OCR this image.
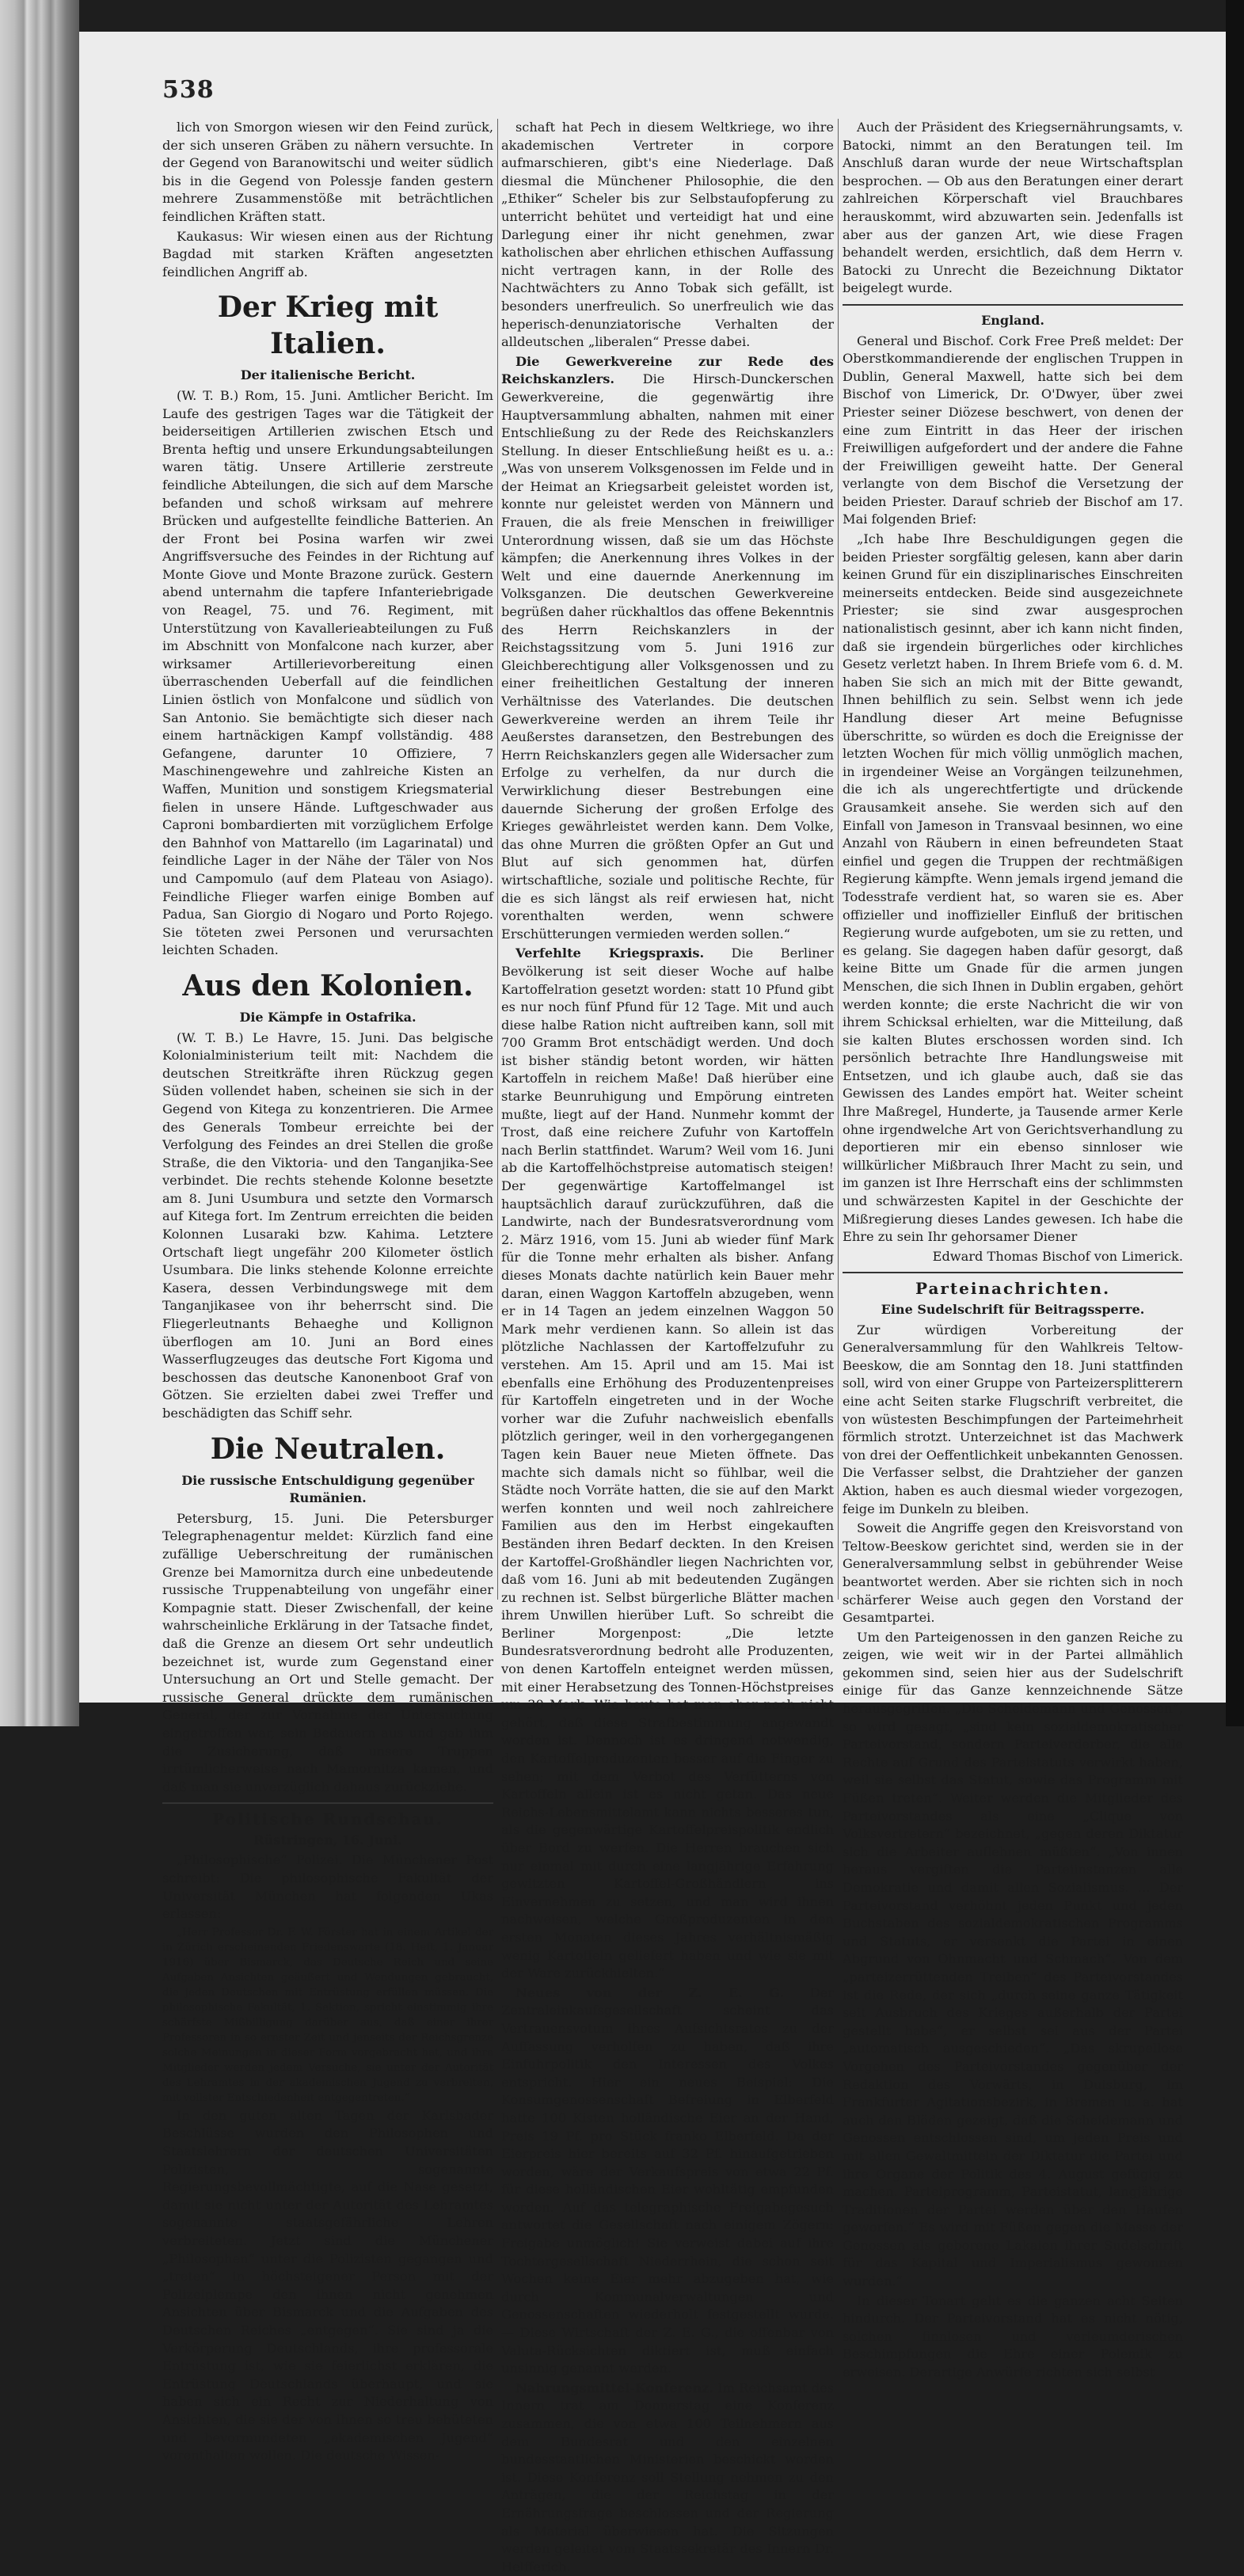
538

lich von Smorgon wiesen wir den Feind zurück, der sich unseren Gräben zu nähern versuchte. In der Gegend von Baranowitschi und weiter südlich bis in die Gegend von Polessje fanden gestern mehrere Zusammenstöße mit beträchtlichen feindlichen Kräften statt.

Kaukasus: Wir wiesen einen aus der Richtung Bagdad mit starken Kräften angesetzten feindlichen Angriff ab.

Der Krieg mit Italien.
Der italienische Bericht.

(W. T. B.) Rom, 15. Juni. Amtlicher Bericht. Im Laufe des gestrigen Tages war die Tätigkeit der beiderseitigen Artillerien zwischen Etsch und Brenta heftig und unsere Erkundungsabteilungen waren tätig. Unsere Artillerie zerstreute feindliche Abteilungen, die sich auf dem Marsche befanden und schoß wirksam auf mehrere Brücken und aufgestellte feindliche Batterien. An der Front bei Posina warfen wir zwei Angriffsversuche des Feindes in der Richtung auf Monte Giove und Monte Brazone zurück. Gestern abend unternahm die tapfere Infanteriebrigade von Reagel, 75. und 76. Regiment, mit Unterstützung von Kavallerieabteilungen zu Fuß im Abschnitt von Monfalcone nach kurzer, aber wirksamer Artillerievorbereitung einen überraschenden Ueberfall auf die feindlichen Linien östlich von Monfalcone und südlich von San Antonio. Sie bemächtigte sich dieser nach einem hartnäckigen Kampf vollständig. 488 Gefangene, darunter 10 Offiziere, 7 Maschinengewehre und zahlreiche Kisten an Waffen, Munition und sonstigem Kriegsmaterial fielen in unsere Hände. Luftgeschwader aus Caproni bombardierten mit vorzüglichem Erfolge den Bahnhof von Mattarello (im Lagarinatal) und feindliche Lager in der Nähe der Täler von Nos und Campomulo (auf dem Plateau von Asiago). Feindliche Flieger warfen einige Bomben auf Padua, San Giorgio di Nogaro und Porto Rojego. Sie töteten zwei Personen und verursachten leichten Schaden.

Aus den Kolonien.
Die Kämpfe in Ostafrika.

(W. T. B.) Le Havre, 15. Juni. Das belgische Kolonialministerium teilt mit: Nachdem die deutschen Streitkräfte ihren Rückzug gegen Süden vollendet haben, scheinen sie sich in der Gegend von Kitega zu konzentrieren. Die Armee des Generals Tombeur erreichte bei der Verfolgung des Feindes an drei Stellen die große Straße, die den Viktoria- und den Tanganjika-See verbindet. Die rechts stehende Kolonne besetzte am 8. Juni Usumbura und setzte den Vormarsch auf Kitega fort. Im Zentrum erreichten die beiden Kolonnen Lusaraki bzw. Kahima. Letztere Ortschaft liegt ungefähr 200 Kilometer östlich Usumbara. Die links stehende Kolonne erreichte Kasera, dessen Verbindungswege mit dem Tanganjikasee von ihr beherrscht sind. Die Fliegerleutnants Behaeghe und Kollignon überflogen am 10. Juni an Bord eines Wasserflugzeuges das deutsche Fort Kigoma und beschossen das deutsche Kanonenboot Graf von Götzen. Sie erzielten dabei zwei Treffer und beschädigten das Schiff sehr.

Die Neutralen.
Die russische Entschuldigung gegenüber Rumänien.

Petersburg, 15. Juni. Die Petersburger Telegraphenagentur meldet: Kürzlich fand eine zufällige Ueberschreitung der rumänischen Grenze bei Mamornitza durch eine unbedeutende russische Truppenabteilung von ungefähr einer Kompagnie statt. Dieser Zwischenfall, der keine wahrscheinliche Erklärung in der Tatsache findet, daß die Grenze an diesem Ort sehr undeutlich bezeichnet ist, wurde zum Gegenstand einer Untersuchung an Ort und Stelle gemacht. Der russische General drückte dem rumänischen General, der zur Vornahme der Untersuchung eingetroffen war, sein Bedauern aus und gab ihm die Zusicherung, daß unsere Truppen irrtümlicherweise nach Mamornitza kamen, und daß man sie unverzüglich dahaus zurückziehe.

Politische Rundschau.
Rüstringen, 16. Juni.

„Philosophische“ Polizei. Die Münchener Post schreibt: Die philosophische Fakultät der Universität München hat folgenden Ukas erlassen:

„Herr Professor Dr. F. W. Förster hat in einem Artikel der in Zürich erscheinenden Friedenswarte (18. Heft, 1. Januar 1916) über Bismarck, das Deutsche Reich und seine Aufgaben Ansichten geäußert und Wendungen gebraucht, die jeden Deutschen mit Entrüstung erfüllen müssen. Die philosophische Fakultät, 1. Sektion, spricht einstimmig ihre schärfste Mißbilligung darüber aus, daß einer ihrer Professoren in so ernster Zeit und jenseits der Reichsgrenze solche Meinungen in dieser Form vorgebracht hat, und ihre Mitglieder werden jedem Versuche, sie unter der Autorität des Lehramtes in der akademischen Jugend zu verbreiten, mit vollster Entschiedenheit entgegentreten.“

In den guten alten Tagen der Karlsbader Beschlüsse wurden den Philosophen und Staatslehrern der deutschen Universitäten Polizisten, sogenannte Regierungsbevollmächtigte, auf die Nase gesetzt, damit sie nicht unter der Autorität des Lehramtes sogenannte staatsgefährliche Lehren verbreiteten. Jetzt sind die Münchener „Philosophen“ unter die Polizisten gegangen und „treten“ in höchsteigener Person mit der Polizeiplempe den ihnen nicht genehmen Ansichten über Bismarck und die Aufgaben des Deutschen Reiches „entgegen“. Sie sind ja die Verkörperung Deutschlands, ihre professorale Entrüstung ist, wie sie feierlichst erklären, die Entrüstung Deutschlands überhaupt, und sie haben sich ein Recht zur Niederhaltung von Ansichten, die sie der von ihnen so treu behüteten und bevormundeten „akademischen Jugend“ vorenthalten wollen. Die deutsche Wissen-

schaft hat Pech in diesem Weltkriege, wo ihre akademischen Vertreter in corpore aufmarschieren, gibt's eine Niederlage. Daß diesmal die Münchener Philosophie, die den „Ethiker“ Scheler bis zur Selbstaufopferung zu unterricht behütet und verteidigt hat und eine Darlegung einer ihr nicht genehmen, zwar katholischen aber ehrlichen ethischen Auffassung nicht vertragen kann, in der Rolle des Nachtwächters zu Anno Tobak sich gefällt, ist besonders unerfreulich. So unerfreulich wie das heperisch-denunziatorische Verhalten der alldeutschen „liberalen“ Presse dabei.

Die Gewerkvereine zur Rede des Reichskanzlers. Die Hirsch-Dunckerschen Gewerkvereine, die gegenwärtig ihre Hauptversammlung abhalten, nahmen mit einer Entschließung zu der Rede des Reichskanzlers Stellung. In dieser Entschließung heißt es u. a.: „Was von unserem Volksgenossen im Felde und in der Heimat an Kriegsarbeit geleistet worden ist, konnte nur geleistet werden von Männern und Frauen, die als freie Menschen in freiwilliger Unterordnung wissen, daß sie um das Höchste kämpfen; die Anerkennung ihres Volkes in der Welt und eine dauernde Anerkennung im Volksganzen. Die deutschen Gewerkvereine begrüßen daher rückhaltlos das offene Bekenntnis des Herrn Reichskanzlers in der Reichstagssitzung vom 5. Juni 1916 zur Gleichberechtigung aller Volksgenossen und zu einer freiheitlichen Gestaltung der inneren Verhältnisse des Vaterlandes. Die deutschen Gewerkvereine werden an ihrem Teile ihr Aeußerstes daransetzen, den Bestrebungen des Herrn Reichskanzlers gegen alle Widersacher zum Erfolge zu verhelfen, da nur durch die Verwirklichung dieser Bestrebungen eine dauernde Sicherung der großen Erfolge des Krieges gewährleistet werden kann. Dem Volke, das ohne Murren die größten Opfer an Gut und Blut auf sich genommen hat, dürfen wirtschaftliche, soziale und politische Rechte, für die es sich längst als reif erwiesen hat, nicht vorenthalten werden, wenn schwere Erschütterungen vermieden werden sollen.“

Verfehlte Kriegspraxis. Die Berliner Bevölkerung ist seit dieser Woche auf halbe Kartoffelration gesetzt worden: statt 10 Pfund gibt es nur noch fünf Pfund für 12 Tage. Mit und auch diese halbe Ration nicht auftreiben kann, soll mit 700 Gramm Brot entschädigt werden. Und doch ist bisher ständig betont worden, wir hätten Kartoffeln in reichem Maße! Daß hierüber eine starke Beunruhigung und Empörung eintreten mußte, liegt auf der Hand. Nunmehr kommt der Trost, daß eine reichere Zufuhr von Kartoffeln nach Berlin stattfindet. Warum? Weil vom 16. Juni ab die Kartoffelhöchstpreise automatisch steigen! Der gegenwärtige Kartoffelmangel ist hauptsächlich darauf zurückzuführen, daß die Landwirte, nach der Bundesratsverordnung vom 2. März 1916, vom 15. Juni ab wieder fünf Mark für die Tonne mehr erhalten als bisher. Anfang dieses Monats dachte natürlich kein Bauer mehr daran, einen Waggon Kartoffeln abzugeben, wenn er in 14 Tagen an jedem einzelnen Waggon 50 Mark mehr verdienen kann. So allein ist das plötzliche Nachlassen der Kartoffelzufuhr zu verstehen. Am 15. April und am 15. Mai ist ebenfalls eine Erhöhung des Produzentenpreises für Kartoffeln eingetreten und in der Woche vorher war die Zufuhr nachweislich ebenfalls plötzlich geringer, weil in den vorhergegangenen Tagen kein Bauer neue Mieten öffnete. Das machte sich damals nicht so fühlbar, weil die Städte noch Vorräte hatten, die sie auf den Markt werfen konnten und weil noch zahlreichere Familien aus den im Herbst eingekauften Beständen ihren Bedarf deckten. In den Kreisen der Kartoffel-Großhändler liegen Nachrichten vor, daß vom 16. Juni ab mit bedeutenden Zugängen zu rechnen ist. Selbst bürgerliche Blätter machen ihrem Unwillen hierüber Luft. So schreibt die Berliner Morgenpost: „Die letzte Bundesratsverordnung bedroht alle Produzenten, von denen Kartoffeln enteignet werden müssen, mit einer Herabsetzung des Tonnen-Höchstpreises um 30 Mark. Wie beute hat man aber noch nicht gehört, daß diese Strafbestimmung angewandt worden ist. Dennoch ist es dringend notwendig, den Kartoffelproduzenten besser auf die Finger zu sehen; mit dem Verbot des Verfütterns von Kartoffeln allein ist es nicht getan. Das neue Reichs-Lebensmittelamt kann nichts besseres tun, als die gegenwärtige Kartoffelpreispolitik endlich über Bord zu werfen. Die Herren brauchen sich nur einmal mit durch eine langjährige Erfahrung gewitzten Kartoffel-Großhändlern ins Einvernehmen zu setzen, und man wird ihnen nachweisen, welche Großproduzenten in den ersten Monaten dieses Jahres verhältnismäßig wenig Kartoffeln geliefert haben und wie sie mit der Ware zurückhielten.“

Neues von der Z. E. G. Der Zentraleinkaufsgesellschaft scheint das Vertrauensvotum ihres Aufsichtsrates zu der Auffassung verholfen zu haben, daß ihre Einfuhrpolitik den Interessen des Volkes entspricht. Hier ein neues Beispiel: Die Konsumgenossenschaft Befreiung in Elberfeld hatte 100 Kisten holländische Eier an der Hand, Preis 19 Pf. pro Stück franko Elberfeld. Da der Eierpreis hier bereits auf 32 Pf. hinaufgetrieben worden, wäre der Verkaufspreis von etwa 22 Pf. für diese holländischen Eier wohltätig empfunden worden. Auf das telegraphische Freigabegesuch antwortet die Gesellschaft nach einigem Zögern: Freigabe unmöglich! Sie verweist dabei auf ihre Tochtergesellschaft Niederrhein, die schon seit Wochen keine Eier mehr abzugeben hat, wie durch Kommunalverwaltungen und Genossenschaften wiederholt festgestellt wurde. — Diese Wirtschaft der Z. E. G., die offenbar von Valuta-Rücksichten diktiert ist, muß einfach unsinnig genannt werden.

Nahrungsmittel-Konferenz. Im Reichsamt des Innern trat am Donnerstag eine Konferenz zusammen, die von etwa 100 Teilnehmern aus dem Bundesrat und den einzelnen bundesstaatlichen Ministerien beschickt worden ist. Diese Konferenz soll Stellung nehmen zu den Anträgen, die der Reichstag in der Ernährungsfrage beschlossen und der Regierung als Material überwiesen hat. Die Sitzungen werden geleitet vom Staatssekretär des Innern Dr. Helfferich.

Auch der Präsident des Kriegsernährungsamts, v. Batocki, nimmt an den Beratungen teil. Im Anschluß daran wurde der neue Wirtschaftsplan besprochen. — Ob aus den Beratungen einer derart zahlreichen Körperschaft viel Brauchbares herauskommt, wird abzuwarten sein. Jedenfalls ist aber aus der ganzen Art, wie diese Fragen behandelt werden, ersichtlich, daß dem Herrn v. Batocki zu Unrecht die Bezeichnung Diktator beigelegt wurde.

England.

General und Bischof. Cork Free Preß meldet: Der Oberstkommandierende der englischen Truppen in Dublin, General Maxwell, hatte sich bei dem Bischof von Limerick, Dr. O'Dwyer, über zwei Priester seiner Diözese beschwert, von denen der eine zum Eintritt in das Heer der irischen Freiwilligen aufgefordert und der andere die Fahne der Freiwilligen geweiht hatte. Der General verlangte von dem Bischof die Versetzung der beiden Priester. Darauf schrieb der Bischof am 17. Mai folgenden Brief:

„Ich habe Ihre Beschuldigungen gegen die beiden Priester sorgfältig gelesen, kann aber darin keinen Grund für ein disziplinarisches Einschreiten meinerseits entdecken. Beide sind ausgezeichnete Priester; sie sind zwar ausgesprochen nationalistisch gesinnt, aber ich kann nicht finden, daß sie irgendein bürgerliches oder kirchliches Gesetz verletzt haben. In Ihrem Briefe vom 6. d. M. haben Sie sich an mich mit der Bitte gewandt, Ihnen behilflich zu sein. Selbst wenn ich jede Handlung dieser Art meine Befugnisse überschritte, so würden es doch die Ereignisse der letzten Wochen für mich völlig unmöglich machen, in irgendeiner Weise an Vorgängen teilzunehmen, die ich als ungerechtfertigte und drückende Grausamkeit ansehe. Sie werden sich auf den Einfall von Jameson in Transvaal besinnen, wo eine Anzahl von Räubern in einen befreundeten Staat einfiel und gegen die Truppen der rechtmäßigen Regierung kämpfte. Wenn jemals irgend jemand die Todesstrafe verdient hat, so waren sie es. Aber offizieller und inoffizieller Einfluß der britischen Regierung wurde aufgeboten, um sie zu retten, und es gelang. Sie dagegen haben dafür gesorgt, daß keine Bitte um Gnade für die armen jungen Menschen, die sich Ihnen in Dublin ergaben, gehört werden konnte; die erste Nachricht die wir von ihrem Schicksal erhielten, war die Mitteilung, daß sie kalten Blutes erschossen worden sind. Ich persönlich betrachte Ihre Handlungsweise mit Entsetzen, und ich glaube auch, daß sie das Gewissen des Landes empört hat. Weiter scheint Ihre Maßregel, Hunderte, ja Tausende armer Kerle ohne irgendwelche Art von Gerichtsverhandlung zu deportieren mir ein ebenso sinnloser wie willkürlicher Mißbrauch Ihrer Macht zu sein, und im ganzen ist Ihre Herrschaft eins der schlimmsten und schwärzesten Kapitel in der Geschichte der Mißregierung dieses Landes gewesen. Ich habe die Ehre zu sein Ihr gehorsamer Diener

Edward Thomas Bischof von Limerick.

Parteinachrichten.
Eine Sudelschrift für Beitragssperre.

Zur würdigen Vorbereitung der Generalversammlung für den Wahlkreis Teltow-Beeskow, die am Sonntag den 18. Juni stattfinden soll, wird von einer Gruppe von Parteizersplitterern eine acht Seiten starke Flugschrift verbreitet, die von wüstesten Beschimpfungen der Parteimehrheit förmlich strotzt. Unterzeichnet ist das Machwerk von drei der Oeffentlichkeit unbekannten Genossen. Die Verfasser selbst, die Drahtzieher der ganzen Aktion, haben es auch diesmal wieder vorgezogen, feige im Dunkeln zu bleiben.

Soweit die Angriffe gegen den Kreisvorstand von Teltow-Beeskow gerichtet sind, werden sie in der Generalversammlung selbst in gebührender Weise beantwortet werden. Aber sie richten sich in noch schärferer Weise auch gegen den Vorstand der Gesamtpartei.

Um den Parteigenossen in den ganzen Reiche zu zeigen, wie weit wir in der Partei allmählich gekommen sind, seien hier aus der Sudelschrift einige für das Ganze kennzeichnende Sätze herausgegriffen. „Die Scheidemann und Genossen“, so wird gesagt, „sind kein sozialdemokratischer Parteivorstand, sondern Parteiverderber, die alle Rechte auf Grund des Parteistatuts verwirkt haben, weil sie selbst das Statut, sowie das Programm mit Füßen treten“. Weiter werden die Mitglieder des Parteivorstandes als eine „Clique von Volksvertretern“ bezeichnet, „gegen deren Diktatur sich die Arbeiter auflehnen müßten“. „Von innen heraus vergiften die Parteiinstanzen alle Demokratie und damit allen Sozialismus. ... Der Parteivorstand verhöhnt jeden Punkt und jeden Buchstaben des sozialdemokratischen Programms und Statuts, er versenkt die Partei in einen Abgrund von Ohnmacht und Schmach“. Von dem „parteizerrüttenden Treiben“ des Parteivorstandes ist die Rede, der sich „durch seine ganze Tätigkeit seit Ausbruch des Krieges außerhalb der Partei gestellt habe“, er selbst sei aus der Partei „automatisch ausgeschieden“. „Das skrupellose Vorgehen des Parteivorstandes gegenüber der Redaktion des Vorwärts, in Duisburg, im Frankfurter Agitationsbezirk, in Bremen u. a. hat auch den Blöden gezeigt, daß die Scheidemann und Genossen entschlossen sind, um jeden Preis und mit allen Gewaltmitteln der Diktatur die Partei und ihre Organe der Politik des 4. August gefügig zu machen. Parteiprogramm, Parteistatut, langjährige Traditionen der Partei werden über den Haufen geworfen.“ Es wird mit Füßen gegen die Masse der Genossen als geborene Lakaien ihrer Sudelschrift für das Kapital und Imperialismus gewonnen wurden.“

In dieser Tonart geht es die ganzen acht Seiten hindurch. Der Parteivorstand hat es nicht nötig, solchen finnlosen und verleumderischen Beschimpfungen die Ehre einer Polemik zu erweisen. Derartige Anwürfe richten sich selbst
